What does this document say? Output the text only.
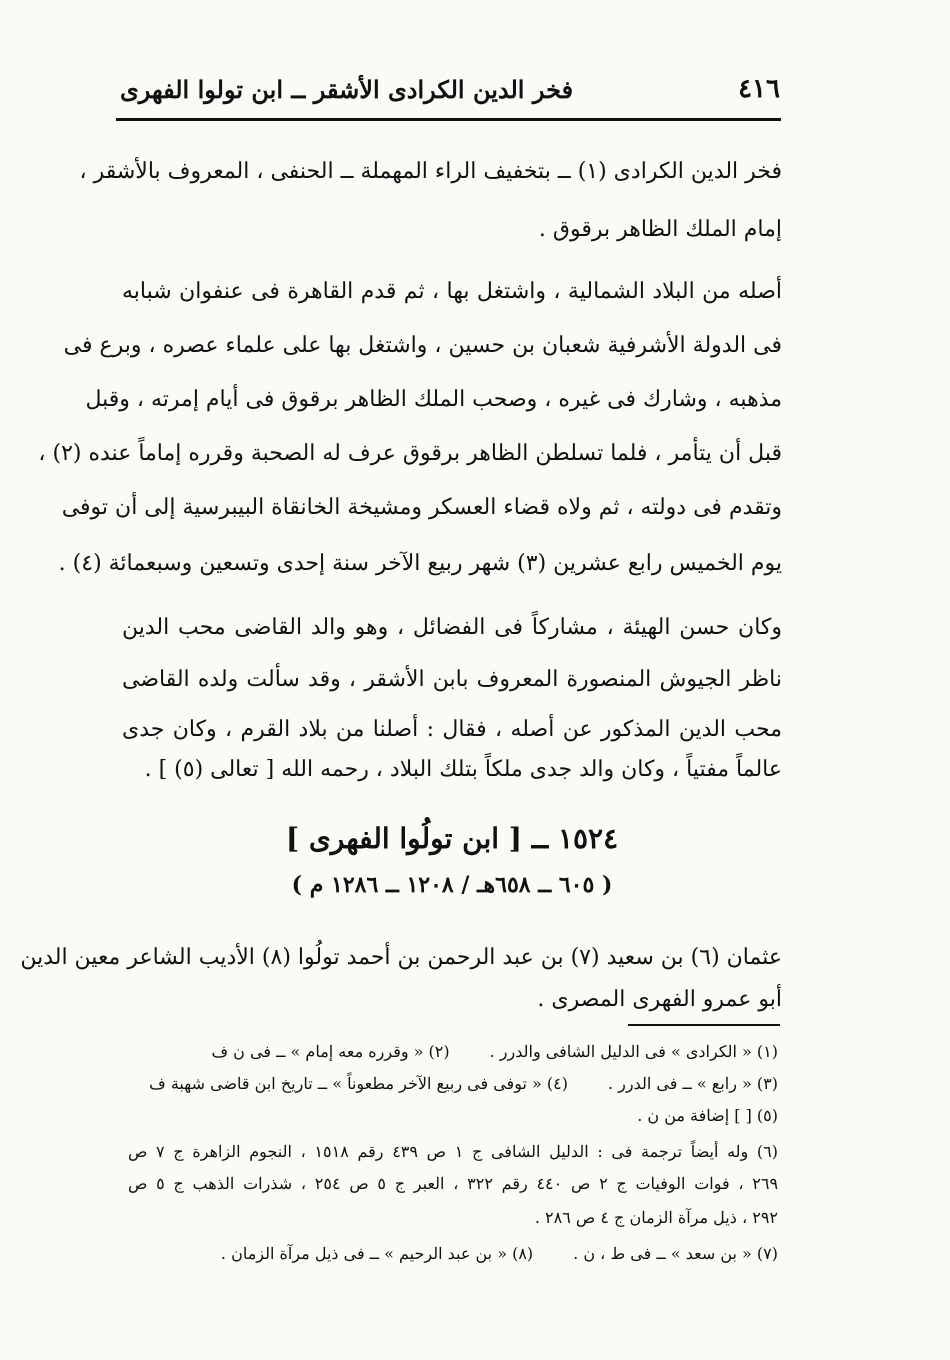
٤١٦
فخر الدين الكرادى الأشقر ــ ابن تولوا الفهرى
فخر الدين الكرادى (١) ــ بتخفيف الراء المهملة ــ الحنفى ، المعروف بالأشقر ،
إمام الملك الظاهر برقوق .
أصله من البلاد الشمالية ، واشتغل بها ، ثم قدم القاهرة فى عنفوان شبابه
فى الدولة الأشرفية شعبان بن حسين ، واشتغل بها على علماء عصره ، وبرع فى
مذهبه ، وشارك فى غيره ، وصحب الملك الظاهر برقوق فى أيام إمرته ، وقبل
قبل أن يتأمر ، فلما تسلطن الظاهر برقوق عرف له الصحبة وقرره إماماً عنده (٢) ،
وتقدم فى دولته ، ثم ولاه قضاء العسكر ومشيخة الخانقاة البيبرسية إلى أن توفى
يوم الخميس رابع عشرين (٣) شهر ربيع الآخر سنة إحدى وتسعين وسبعمائة (٤) .
وكان حسن الهيئة ، مشاركاً فى الفضائل ، وهو والد القاضى محب الدين
ناظر الجيوش المنصورة المعروف بابن الأشقر ، وقد سألت ولده القاضى
محب الدين المذكور عن أصله ، فقال : أصلنا من بلاد القرم ، وكان جدى
عالماً مفتياً ، وكان والد جدى ملكاً بتلك البلاد ، رحمه الله [ تعالى (٥) ] .
١٥٢٤ ــ [ ابن تولُوا الفهرى ]
( ٦٠٥ ــ ٦٥٨هـ / ١٢٠٨ ــ ١٢٨٦ م )
عثمان (٦) بن سعيد (٧) بن عبد الرحمن بن أحمد تولُوا (٨) الأديب الشاعر معين الدين
أبو عمرو الفهرى المصرى .
(١) « الكرادى » فى الدليل الشافى والدرر .
(٢) « وقرره معه إمام » ــ فى ن ف
(٣) « رابع » ــ فى الدرر .
(٤) « توفى فى ربيع الآخر مطعوناً » ــ تاريخ ابن قاضى شهبة ف
(٥) [ ] إضافة من ن .
(٦) وله أيضاً ترجمة فى : الدليل الشافى ج ١ ص ٤٣٩ رقم ١٥١٨ ، النجوم الزاهرة ج ٧ ص
٢٦٩ ، فوات الوفيات ج ٢ ص ٤٤٠ رقم ٣٢٢ ، العبر ج ٥ ص ٢٥٤ ، شذرات الذهب ج ٥ ص
٢٩٢ ، ذيل مرآة الزمان ج ٤ ص ٢٨٦ .
(٧) « بن سعد » ــ فى ط ، ن .
(٨) « بن عبد الرحيم » ــ فى ذيل مرآة الزمان .
